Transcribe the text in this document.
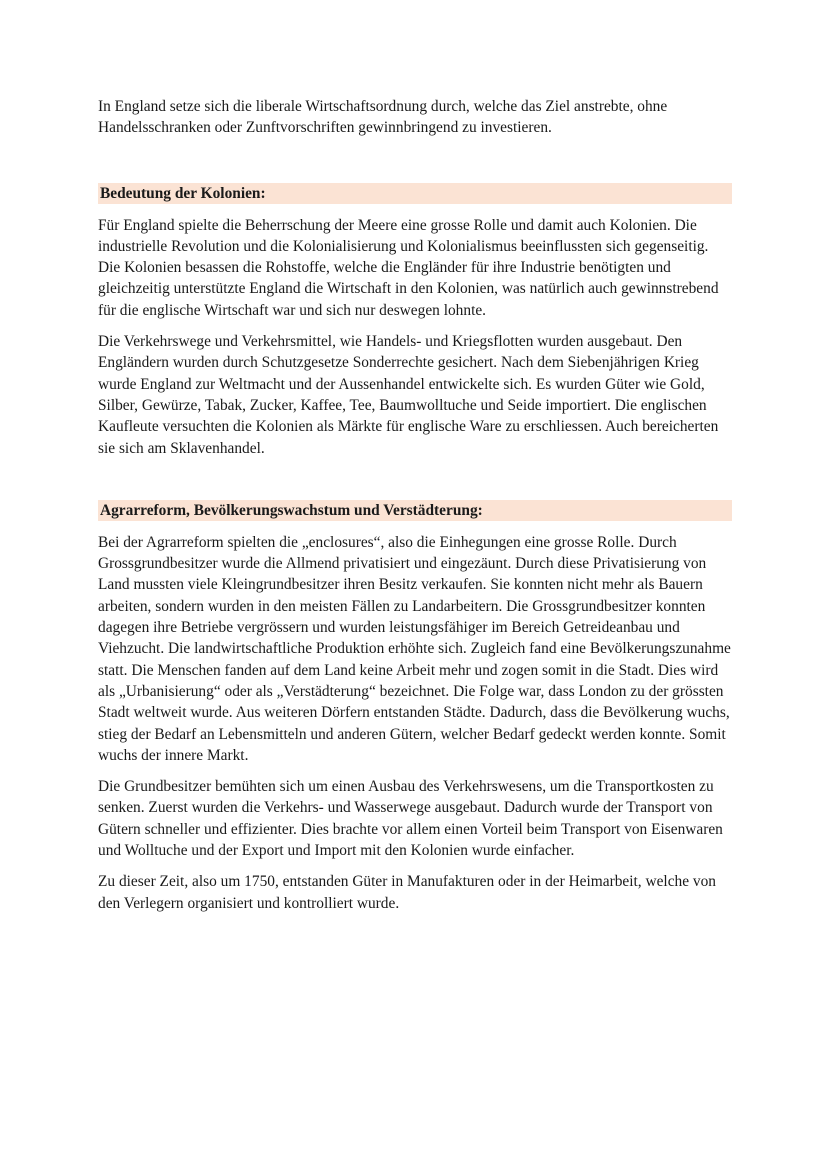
In England setze sich die liberale Wirtschaftsordnung durch, welche das Ziel anstrebte, ohne Handelsschranken oder Zunftvorschriften gewinnbringend zu investieren.

Bedeutung der Kolonien:

Für England spielte die Beherrschung der Meere eine grosse Rolle und damit auch Kolonien. Die industrielle Revolution und die Kolonialisierung und Kolonialismus beeinflussten sich gegenseitig. Die Kolonien besassen die Rohstoffe, welche die Engländer für ihre Industrie benötigten und gleichzeitig unterstützte England die Wirtschaft in den Kolonien, was natürlich auch gewinnstrebend für die englische Wirtschaft war und sich nur deswegen lohnte.

Die Verkehrswege und Verkehrsmittel, wie Handels- und Kriegsflotten wurden ausgebaut. Den Engländern wurden durch Schutzgesetze Sonderrechte gesichert. Nach dem Siebenjährigen Krieg wurde England zur Weltmacht und der Aussenhandel entwickelte sich. Es wurden Güter wie Gold, Silber, Gewürze, Tabak, Zucker, Kaffee, Tee, Baumwolltuche und Seide importiert. Die englischen Kaufleute versuchten die Kolonien als Märkte für englische Ware zu erschliessen. Auch bereicherten sie sich am Sklavenhandel.

Agrarreform, Bevölkerungswachstum und Verstädterung:

Bei der Agrarreform spielten die „enclosures“, also die Einhegungen eine grosse Rolle. Durch Grossgrundbesitzer wurde die Allmend privatisiert und eingezäunt. Durch diese Privatisierung von Land mussten viele Kleingrundbesitzer ihren Besitz verkaufen. Sie konnten nicht mehr als Bauern arbeiten, sondern wurden in den meisten Fällen zu Landarbeitern. Die Grossgrundbesitzer konnten dagegen ihre Betriebe vergrössern und wurden leistungsfähiger im Bereich Getreideanbau und Viehzucht. Die landwirtschaftliche Produktion erhöhte sich. Zugleich fand eine Bevölkerungszunahme statt. Die Menschen fanden auf dem Land keine Arbeit mehr und zogen somit in die Stadt. Dies wird als „Urbanisierung“ oder als „Verstädterung“ bezeichnet. Die Folge war, dass London zu der grössten Stadt weltweit wurde. Aus weiteren Dörfern entstanden Städte. Dadurch, dass die Bevölkerung wuchs, stieg der Bedarf an Lebensmitteln und anderen Gütern, welcher Bedarf gedeckt werden konnte. Somit wuchs der innere Markt.

Die Grundbesitzer bemühten sich um einen Ausbau des Verkehrswesens, um die Transportkosten zu senken. Zuerst wurden die Verkehrs- und Wasserwege ausgebaut. Dadurch wurde der Transport von Gütern schneller und effizienter. Dies brachte vor allem einen Vorteil beim Transport von Eisenwaren und Wolltuche und der Export und Import mit den Kolonien wurde einfacher.

Zu dieser Zeit, also um 1750, entstanden Güter in Manufakturen oder in der Heimarbeit, welche von den Verlegern organisiert und kontrolliert wurde.
